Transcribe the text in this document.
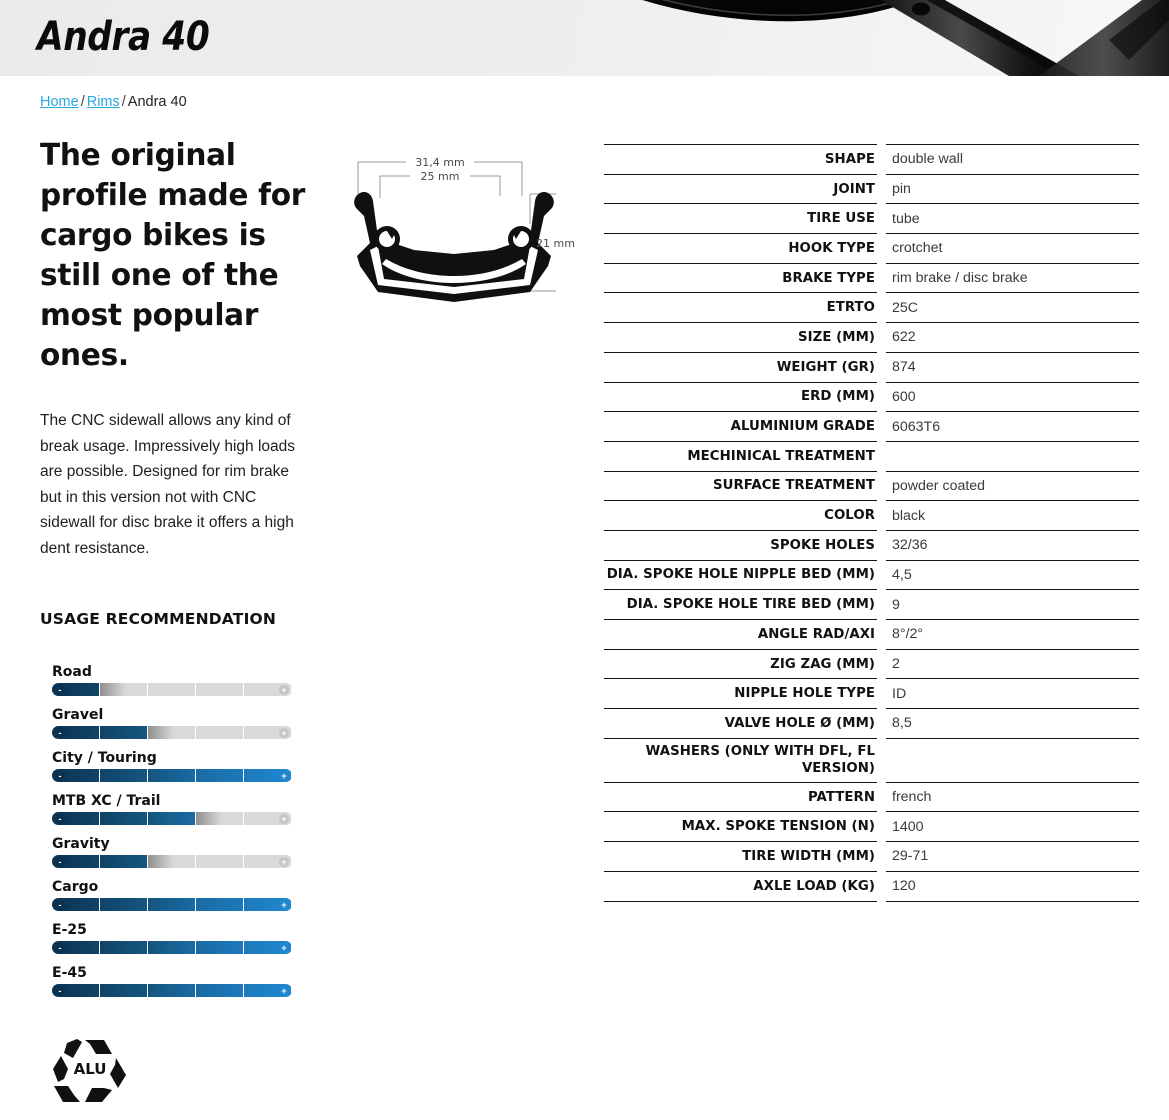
Andra 40
Home / Rims / Andra 40
The original profile made for cargo bikes is still one of the most popular ones.

The CNC sidewall allows any kind of break usage. Impressively high loads are possible. Designed for rim brake but in this version not with CNC sidewall for disc brake it offers a high dent resistance.

USAGE RECOMMENDATION
Road
-	+
Gravel
-	+
City / Touring
-	+
MTB XC / Trail
-	+
Gravity
-	+
Cargo
-	+
E-25
-	+
E-45
-	+
ALU
31,4 mm
25 mm
21 mm
SHAPE		double wall
JOINT		pin
TIRE USE		tube
HOOK TYPE		crotchet
BRAKE TYPE		rim brake / disc brake
ETRTO		25C
SIZE (MM)		622
WEIGHT (GR)		874
ERD (MM)		600
ALUMINIUM GRADE		6063T6
MECHINICAL TREATMENT		
SURFACE TREATMENT		powder coated
COLOR		black
SPOKE HOLES		32/36
DIA. SPOKE HOLE NIPPLE BED (MM)		4,5
DIA. SPOKE HOLE TIRE BED (MM)		9
ANGLE RAD/AXI		8°/2°
ZIG ZAG (MM)		2
NIPPLE HOLE TYPE		ID
VALVE HOLE Ø (MM)		8,5
WASHERS (ONLY WITH DFL, FL VERSION)		
PATTERN		french
MAX. SPOKE TENSION (N)		1400
TIRE WIDTH (MM)		29-71
AXLE LOAD (KG)		120
